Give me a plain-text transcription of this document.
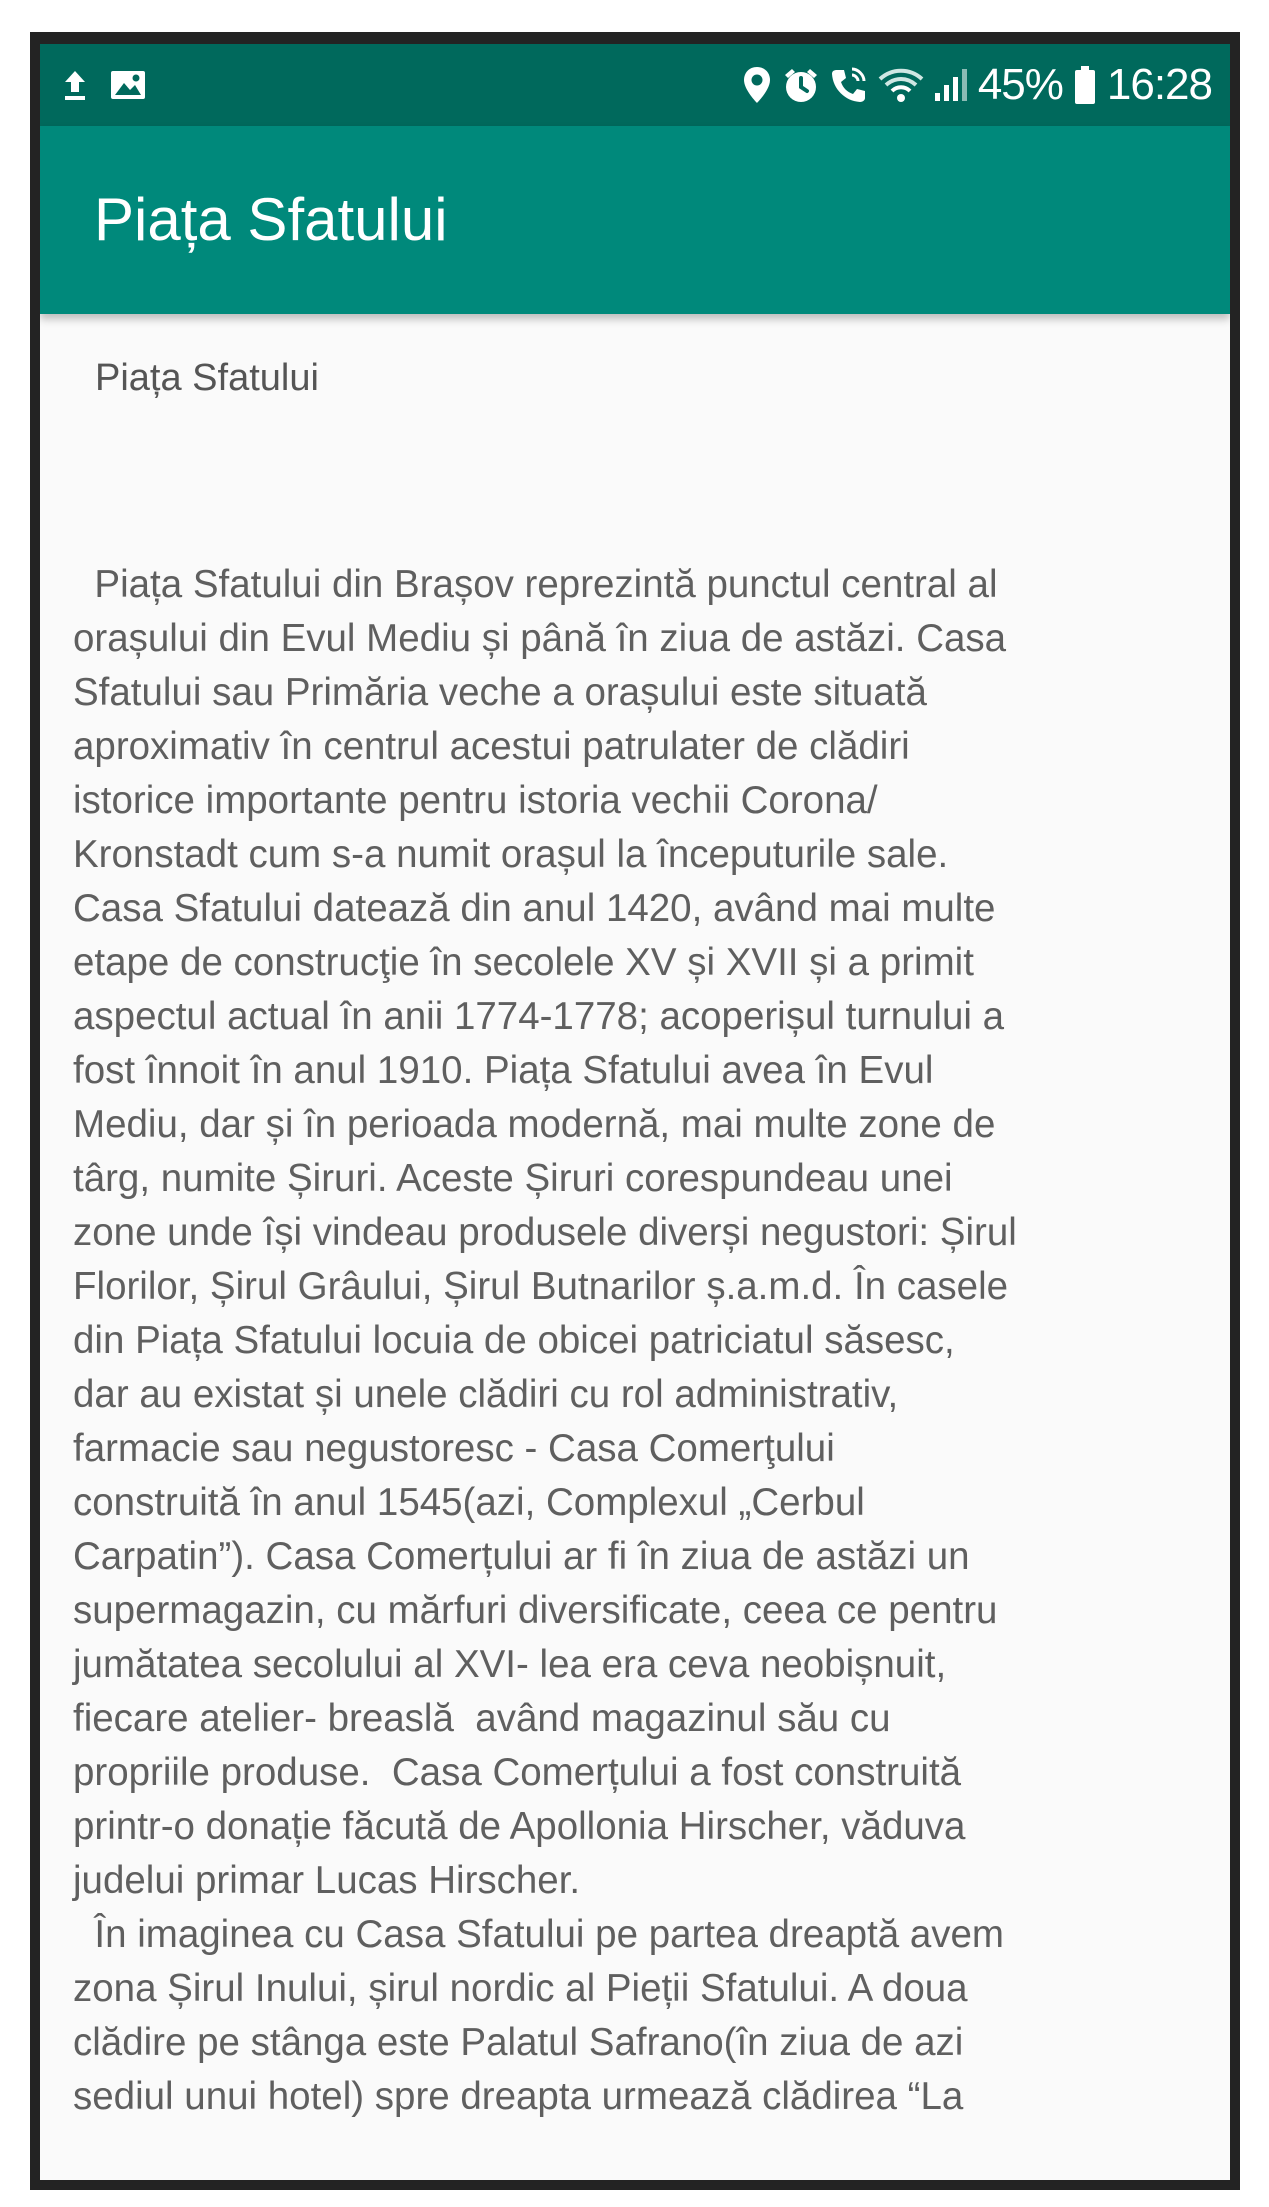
45% 16:28
Piața Sfatului
Piața Sfatului
Piața Sfatului din Brașov reprezintă punctul central al
orașului din Evul Mediu și până în ziua de astăzi. Casa
Sfatului sau Primăria veche a orașului este situată
aproximativ în centrul acestui patrulater de clădiri
istorice importante pentru istoria vechii Corona/
Kronstadt cum s-a numit orașul la începuturile sale.
Casa Sfatului datează din anul 1420, având mai multe
etape de construcţie în secolele XV și XVII și a primit
aspectul actual în anii 1774-1778; acoperișul turnului a
fost înnoit în anul 1910. Piața Sfatului avea în Evul
Mediu, dar și în perioada modernă, mai multe zone de
târg, numite Șiruri. Aceste Șiruri corespundeau unei
zone unde își vindeau produsele diverși negustori: Șirul
Florilor, Șirul Grâului, Șirul Butnarilor ș.a.m.d. În casele
din Piața Sfatului locuia de obicei patriciatul săsesc,
dar au existat și unele clădiri cu rol administrativ,
farmacie sau negustoresc - Casa Comerţului
construită în anul 1545(azi, Complexul „Cerbul
Carpatin”). Casa Comerțului ar fi în ziua de astăzi un
supermagazin, cu mărfuri diversificate, ceea ce pentru
jumătatea secolului al XVI- lea era ceva neobișnuit,
fiecare atelier- breaslă  având magazinul său cu
propriile produse.  Casa Comerțului a fost construită
printr-o donație făcută de Apollonia Hirscher, văduva
judelui primar Lucas Hirscher.
În imaginea cu Casa Sfatului pe partea dreaptă avem
zona Șirul Inului, șirul nordic al Pieții Sfatului. A doua
clădire pe stânga este Palatul Safrano(în ziua de azi
sediul unui hotel) spre dreapta urmează clădirea “La
